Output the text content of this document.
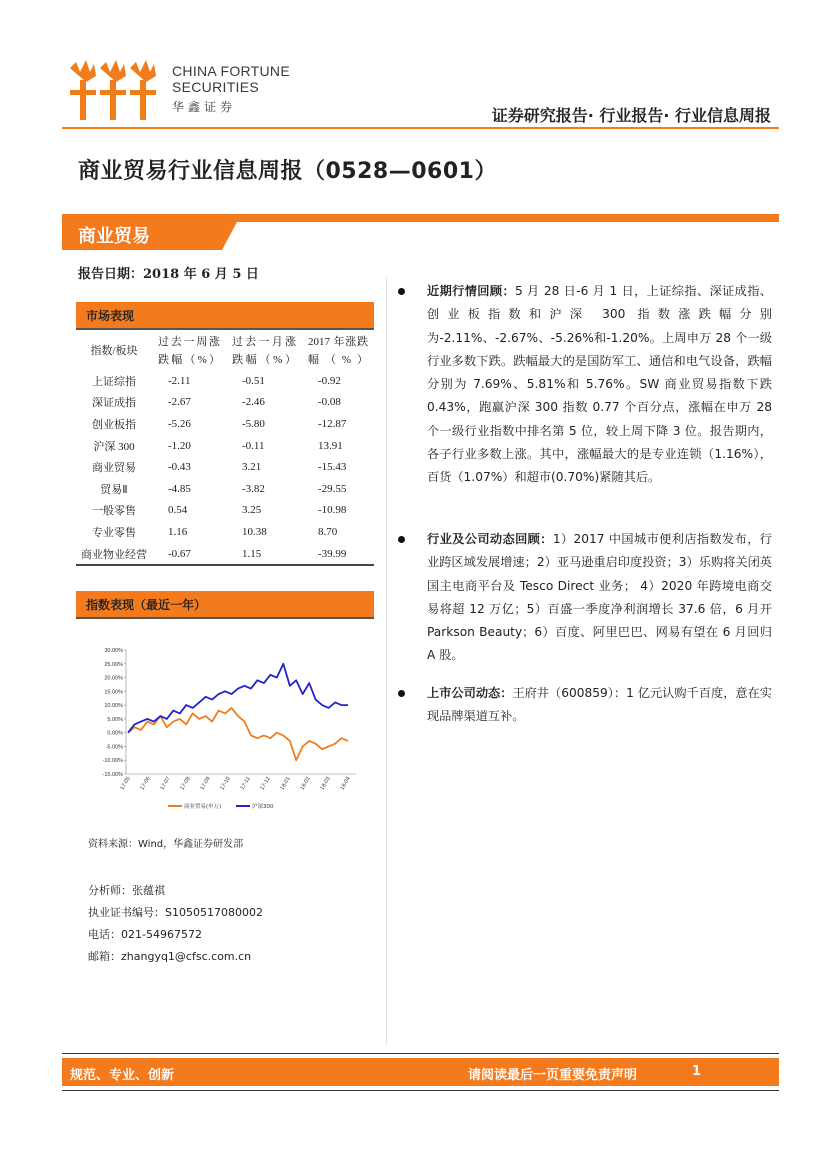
CHINA FORTUNE
SECURITIES
华鑫证券	证券研究报告· 行业报告· 行业信息周报
商业贸易行业信息周报（0528—0601）
商业贸易
报告日期：2018 年 6 月 5 日
市场表现
指数/板块	过去一周涨跌幅（%）	过去一月涨跌幅（%）	2017 年涨跌幅（%）

上证综指	-2.11	-0.51	-0.92
深证成指	-2.67	-2.46	-0.08
创业板指	-5.26	-5.80	-12.87
沪深 300	-1.20	-0.11	13.91
商业贸易	-0.43	3.21	-15.43
贸易Ⅱ	-4.85	-3.82	-29.55
一般零售	0.54	3.25	-10.98
专业零售	1.16	10.38	8.70
商业物业经营	-0.67	1.15	-39.99
指数表现（最近一年）
30.00%
25.00%
20.00%
15.00%
10.00%
5.00%
0.00%
-5.00%
-10.00%
-15.00%
17-05 17-06 17-07 17-08 17-09 17-10 17-11 17-12 18-01 18-02 18-03 18-04
商业贸易(申万)	沪深300
资料来源：Wind，华鑫证券研发部
分析师：张蕴祺
执业证书编号：S1050517080002
电话：021-54967572
邮箱：zhangyq1@cfsc.com.cn
近期行情回顾：5 月 28 日-6 月 1 日，上证综指、深证成指、创业板指数和沪深 300 指数涨跌幅分别为-2.11%、-2.67%、-5.26%和-1.20%。上周申万 28 个一级行业多数下跌。跌幅最大的是国防军工、通信和电气设备，跌幅分别为 7.69%、5.81%和 5.76%。SW 商业贸易指数下跌 0.43%，跑赢沪深 300 指数 0.77 个百分点，涨幅在申万 28 个一级行业指数中排名第 5 位，较上周下降 3 位。报告期内，各子行业多数上涨。其中，涨幅最大的是专业连锁（1.16%），百货（1.07%）和超市(0.70%)紧随其后。
行业及公司动态回顾：1）2017 中国城市便利店指数发布，行业跨区域发展增速；2）亚马逊重启印度投资；3）乐购将关闭英国主电商平台及 Tesco Direct 业务； 4）2020 年跨境电商交易将超 12 万亿；5）百盛一季度净利润增长 37.6 倍，6 月开 Parkson Beauty；6）百度、阿里巴巴、网易有望在 6 月回归 A 股。
上市公司动态：王府井（600859）：1 亿元认购千百度，意在实现品牌渠道互补。
规范、专业、创新	请阅读最后一页重要免责声明	1
